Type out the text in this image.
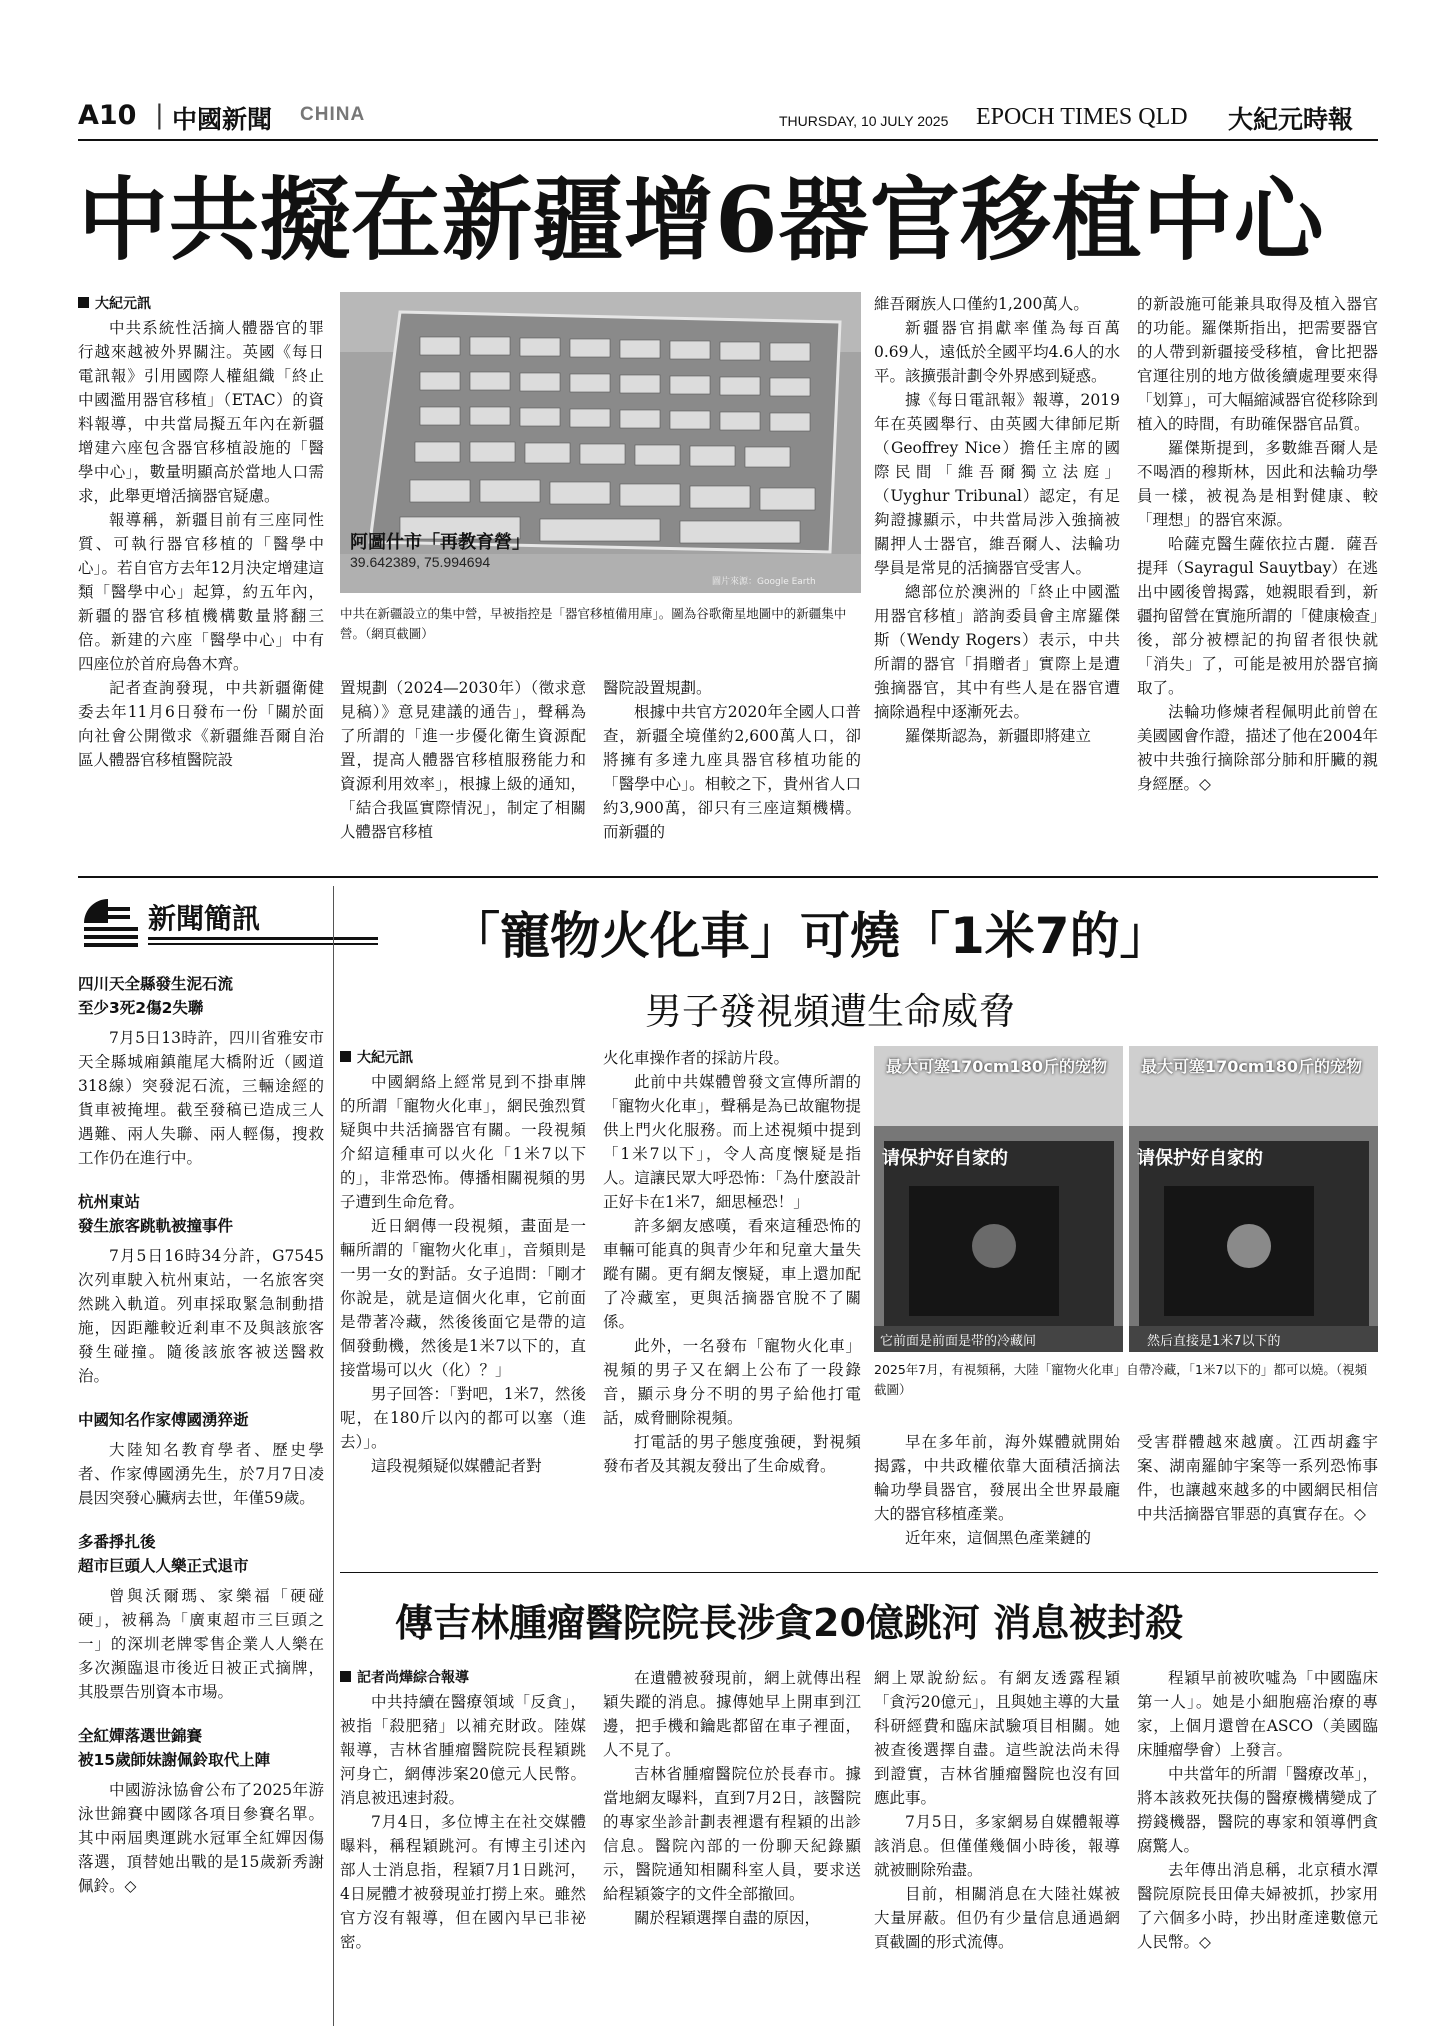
A10 | 中國新聞 CHINA	THURSDAY, 10 JULY 2025 EPOCH TIMES QLD 大紀元時報
中共擬在新疆增6器官移植中心
大紀元訊

中共系統性活摘人體器官的罪行越來越被外界關注。英國《每日電訊報》引用國際人權組織「終止中國濫用器官移植」（ETAC）的資料報導，中共當局擬五年內在新疆增建六座包含器官移植設施的「醫學中心」，數量明顯高於當地人口需求，此舉更增活摘器官疑慮。

報導稱，新疆目前有三座同性質、可執行器官移植的「醫學中心」。若自官方去年12月決定增建這類「醫學中心」起算，約五年內，新疆的器官移植機構數量將翻三倍。新建的六座「醫學中心」中有四座位於首府烏魯木齊。

記者查詢發現，中共新疆衛健委去年11月6日發布一份「關於面向社會公開徵求《新疆維吾爾自治區人體器官移植醫院設

阿圖什市「再教育營」
39.642389, 75.994694
圖片來源：Google Earth
中共在新疆設立的集中營，早被指控是「器官移植備用庫」。圖為谷歌衛星地圖中的新疆集中營。（網頁截圖）

置規劃（2024—2030年）（徵求意見稿）》意見建議的通告」，聲稱為了所謂的「進一步優化衛生資源配置，提高人體器官移植服務能力和資源利用效率」，根據上級的通知，「結合我區實際情況」，制定了相關人體器官移植

醫院設置規劃。

根據中共官方2020年全國人口普查，新疆全境僅約2,600萬人口，卻將擁有多達九座具器官移植功能的「醫學中心」。相較之下，貴州省人口約3,900萬，卻只有三座這類機構。而新疆的

維吾爾族人口僅約1,200萬人。

新疆器官捐獻率僅為每百萬0.69人，遠低於全國平均4.6人的水平。該擴張計劃令外界感到疑惑。

據《每日電訊報》報導，2019年在英國舉行、由英國大律師尼斯（Geoffrey Nice）擔任主席的國際民間「維吾爾獨立法庭」（Uyghur Tribunal）認定，有足夠證據顯示，中共當局涉入強摘被關押人士器官，維吾爾人、法輪功學員是常見的活摘器官受害人。

總部位於澳洲的「終止中國濫用器官移植」諮詢委員會主席羅傑斯（Wendy Rogers）表示，中共所謂的器官「捐贈者」實際上是遭強摘器官，其中有些人是在器官遭摘除過程中逐漸死去。

羅傑斯認為，新疆即將建立

的新設施可能兼具取得及植入器官的功能。羅傑斯指出，把需要器官的人帶到新疆接受移植，會比把器官運往別的地方做後續處理要來得「划算」，可大幅縮減器官從移除到植入的時間，有助確保器官品質。

羅傑斯提到，多數維吾爾人是不喝酒的穆斯林，因此和法輪功學員一樣，被視為是相對健康、較「理想」的器官來源。

哈薩克醫生薩依拉古麗．薩吾提拜（Sayragul Sauytbay）在逃出中國後曾揭露，她親眼看到，新疆拘留營在實施所謂的「健康檢查」後，部分被標記的拘留者很快就「消失」了，可能是被用於器官摘取了。

法輪功修煉者程佩明此前曾在美國國會作證，描述了他在2004年被中共強行摘除部分肺和肝臟的親身經歷。◇

新聞簡訊
四川天全縣發生泥石流
至少3死2傷2失聯

7月5日13時許，四川省雅安市天全縣城廂鎮龍尾大橋附近（國道318線）突發泥石流，三輛途經的貨車被掩埋。截至發稿已造成三人遇難、兩人失聯、兩人輕傷，搜救工作仍在進行中。

杭州東站
發生旅客跳軌被撞事件

7月5日16時34分許，G7545次列車駛入杭州東站，一名旅客突然跳入軌道。列車採取緊急制動措施，因距離較近剎車不及與該旅客發生碰撞。隨後該旅客被送醫救治。

中國知名作家傅國湧猝逝

大陸知名教育學者、歷史學者、作家傅國湧先生，於7月7日凌晨因突發心臟病去世，年僅59歲。

多番掙扎後
超市巨頭人人樂正式退市

曾與沃爾瑪、家樂福「硬碰硬」，被稱為「廣東超市三巨頭之一」的深圳老牌零售企業人人樂在多次瀕臨退市後近日被正式摘牌，其股票告別資本市場。

全紅嬋落選世錦賽
被15歲師妹謝佩鈴取代上陣

中國游泳協會公布了2025年游泳世錦賽中國隊各項目參賽名單。其中兩屆奧運跳水冠軍全紅嬋因傷落選，頂替她出戰的是15歲新秀謝佩鈴。◇

「寵物火化車」可燒「1米7的」
男子發視頻遭生命威脅
大紀元訊

中國網絡上經常見到不掛車牌的所謂「寵物火化車」，網民強烈質疑與中共活摘器官有關。一段視頻介紹這種車可以火化「1米7以下的」，非常恐怖。傳播相關視頻的男子遭到生命危脅。

近日網傳一段視頻，畫面是一輛所謂的「寵物火化車」，音頻則是一男一女的對話。女子追問：「剛才你說是，就是這個火化車，它前面是帶著冷藏，然後後面它是帶的這個發動機，然後是1米7以下的，直接當場可以火（化）？」

男子回答：「對吧，1米7，然後呢，在180斤以內的都可以塞（進去）」。

這段視頻疑似媒體記者對

火化車操作者的採訪片段。

此前中共媒體曾發文宣傳所謂的「寵物火化車」，聲稱是為已故寵物提供上門火化服務。而上述視頻中提到「1米7以下」，令人高度懷疑是指人。這讓民眾大呼恐怖：「為什麼設計正好卡在1米7，細思極恐！」

許多網友感嘆，看來這種恐怖的車輛可能真的與青少年和兒童大量失蹤有關。更有網友懷疑，車上還加配了冷藏室，更與活摘器官脫不了關係。

此外，一名發布「寵物火化車」視頻的男子又在網上公布了一段錄音，顯示身分不明的男子給他打電話，威脅刪除視頻。

打電話的男子態度強硬，對視頻發布者及其親友發出了生命威脅。

最大可塞170cm180斤的宠物
请保护好自家的
它前面是前面是带的冷藏间
最大可塞170cm180斤的宠物
请保护好自家的
然后直接是1米7以下的
2025年7月，有視頻稱，大陸「寵物火化車」自帶冷藏，「1米7以下的」都可以燒。（視頻截圖）

早在多年前，海外媒體就開始揭露，中共政權依靠大面積活摘法輪功學員器官，發展出全世界最龐大的器官移植產業。

近年來，這個黑色產業鏈的

受害群體越來越廣。江西胡鑫宇案、湖南羅帥宇案等一系列恐怖事件，也讓越來越多的中國網民相信中共活摘器官罪惡的真實存在。◇

傳吉林腫瘤醫院院長涉貪20億跳河 消息被封殺
記者尚燁綜合報導

中共持續在醫療領域「反貪」，被指「殺肥豬」以補充財政。陸媒報導，吉林省腫瘤醫院院長程穎跳河身亡，網傳涉案20億元人民幣。消息被迅速封殺。

7月4日，多位博主在社交媒體曝料，稱程穎跳河。有博主引述內部人士消息指，程穎7月1日跳河，4日屍體才被發現並打撈上來。雖然官方沒有報導，但在國內早已非祕密。

在遺體被發現前，網上就傳出程穎失蹤的消息。據傳她早上開車到江邊，把手機和鑰匙都留在車子裡面，人不見了。

吉林省腫瘤醫院位於長春市。據當地網友曝料，直到7月2日，該醫院的專家坐診計劃表裡還有程穎的出診信息。醫院內部的一份聊天紀錄顯示，醫院通知相關科室人員，要求送給程穎簽字的文件全部撤回。

關於程穎選擇自盡的原因，

網上眾說紛紜。有網友透露程穎「貪污20億元」，且與她主導的大量科研經費和臨床試驗項目相關。她被查後選擇自盡。這些說法尚未得到證實，吉林省腫瘤醫院也沒有回應此事。

7月5日，多家網易自媒體報導該消息。但僅僅幾個小時後，報導就被刪除殆盡。

目前，相關消息在大陸社媒被大量屏蔽。但仍有少量信息通過網頁截圖的形式流傳。

程穎早前被吹噓為「中國臨床第一人」。她是小細胞癌治療的專家，上個月還曾在ASCO（美國臨床腫瘤學會）上發言。

中共當年的所謂「醫療改革」，將本該救死扶傷的醫療機構變成了撈錢機器，醫院的專家和領導們貪腐驚人。

去年傳出消息稱，北京積水潭醫院原院長田偉夫婦被抓，抄家用了六個多小時，抄出財產達數億元人民幣。◇
